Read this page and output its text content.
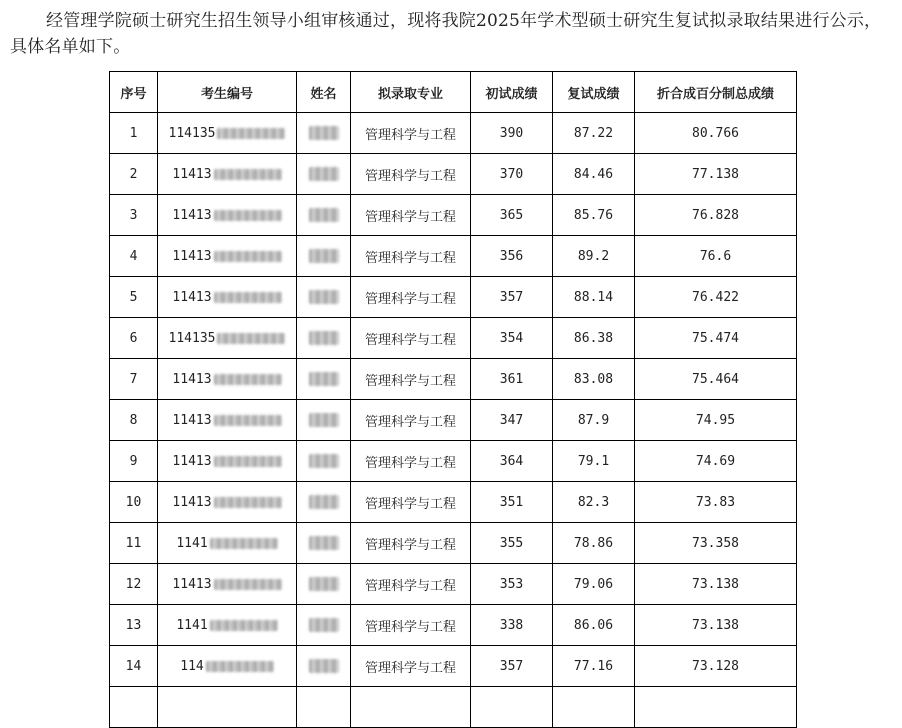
经管理学院硕士研究生招生领导小组审核通过，现将我院2025年学术型硕士研究生复试拟录取结果进行公示，具体名单如下。

序号	考生编号	姓名	拟录取专业	初试成绩	复试成绩	折合成百分制总成绩
1	114135		管理科学与工程	390	87.22	80.766
2	11413		管理科学与工程	370	84.46	77.138
3	11413		管理科学与工程	365	85.76	76.828
4	11413		管理科学与工程	356	89.2	76.6
5	11413		管理科学与工程	357	88.14	76.422
6	114135		管理科学与工程	354	86.38	75.474
7	11413		管理科学与工程	361	83.08	75.464
8	11413		管理科学与工程	347	87.9	74.95
9	11413		管理科学与工程	364	79.1	74.69
10	11413		管理科学与工程	351	82.3	73.83
11	1141		管理科学与工程	355	78.86	73.358
12	11413		管理科学与工程	353	79.06	73.138
13	1141		管理科学与工程	338	86.06	73.138
14	114		管理科学与工程	357	77.16	73.128
